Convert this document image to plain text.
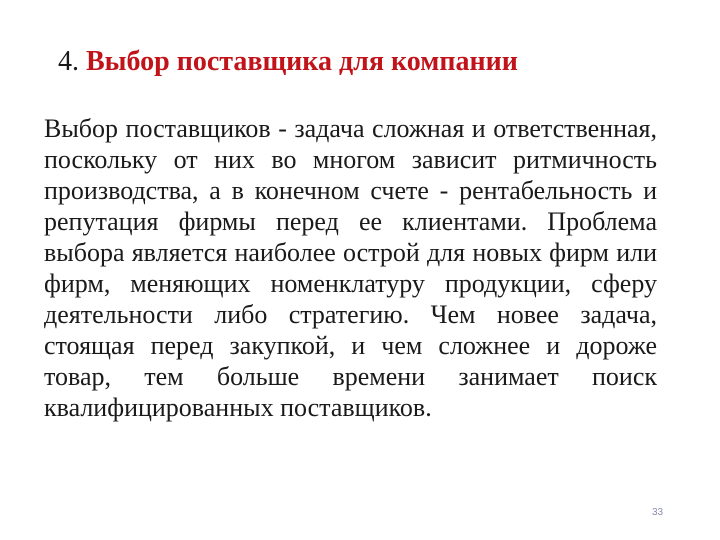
4. Выбор поставщика для компании

Выбор поставщиков - задача сложная и ответственная, поскольку от них во многом зависит ритмичность производства, а в конечном счете - рентабельность и репутация фирмы перед ее клиентами. Проблема выбора является наиболее острой для новых фирм или фирм, меняющих номенклатуру продукции, сферу деятельности либо стратегию. Чем новее задача, стоящая перед закупкой, и чем сложнее и дороже товар, тем больше времени занимает поиск квалифицированных поставщиков.

33
